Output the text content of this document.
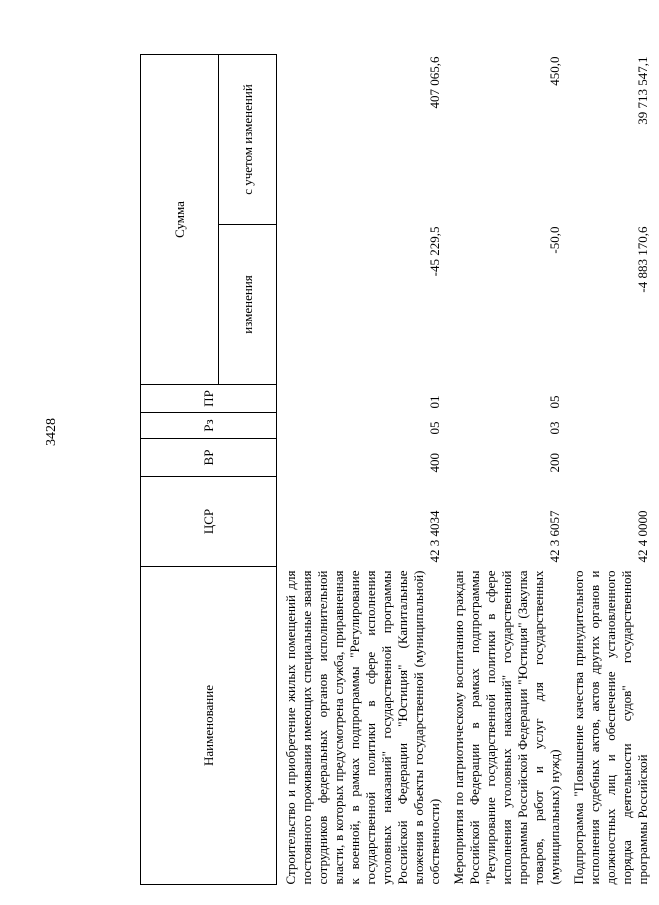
3428
Наименование	ЦСР	ВР	Рз	ПР	Сумма	
					изменения	с учетом изменений
Строительство и приобретение жилых помещений для постоянного проживания имеющих специальные звания сотрудников федеральных органов исполнительной власти, в которых предусмотрена служба, приравненная к военной, в рамках подпрограммы "Регулирование государственной политики в сфере исполнения уголовных наказаний" государственной программы Российской Федерации "Юстиция" (Капитальные вложения в объекты государственной (муниципальной) собственности)	42 3 4034	400	05	01	-45 229,5	407 065,6
Мероприятия по патриотическому воспитанию граждан Российской Федерации в рамках подпрограммы "Регулирование государственной политики в сфере исполнения уголовных наказаний" государственной программы Российской Федерации "Юстиция" (Закупка товаров, работ и услуг для государственных (муниципальных) нужд)	42 3 6057	200	03	05	-50,0	450,0
Подпрограмма "Повышение качества принудительного исполнения судебных актов, актов других органов и должностных лиц и обеспечение установленного порядка деятельности судов" государственной программы Российской	42 4 0000				-4 883 170,6	39 713 547,1
